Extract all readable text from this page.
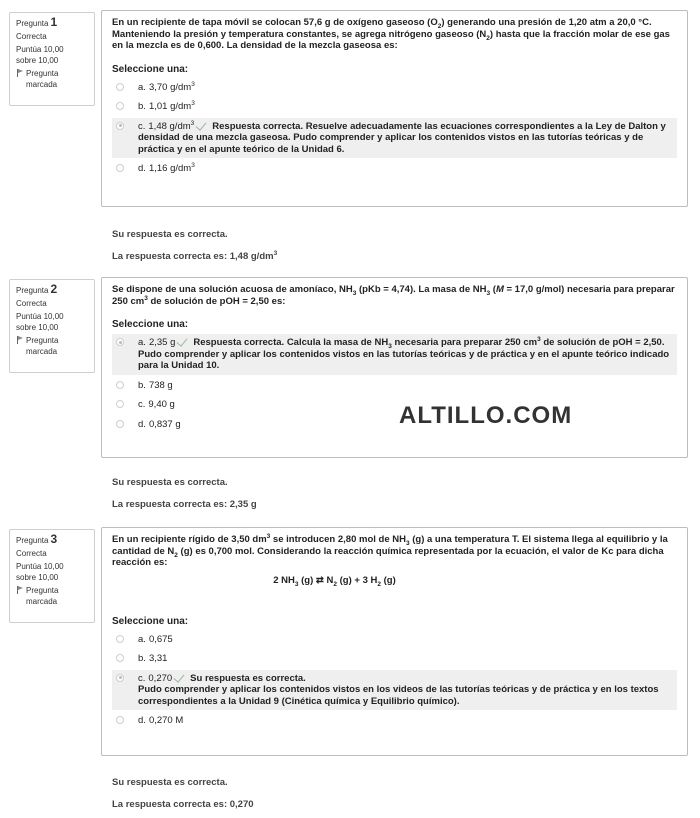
Pregunta 1
Correcta
Puntúa 10,00
sobre 10,00
Pregunta
marcada
En un recipiente de tapa móvil se colocan 57,6 g de oxígeno gaseoso $(O_2)$ generando una presión de 1,20 atm a 20,0 °C. Manteniendo la presión y temperatura constantes, se agrega nitrógeno gaseoso $(N_2)$ hasta que la fracción molar de ese gas en la mezcla es de 0,600. La densidad de la mezcla gaseosa es:
Seleccione una:
a. 3,70 $g/dm^3$
b. 1,01 $g/dm^3$
c. 1,48 $g/dm^3$ Respuesta correcta. Resuelve adecuadamente las ecuaciones correspondientes a la Ley de Dalton y densidad de una mezcla gaseosa. Pudo comprender y aplicar los contenidos vistos en las tutorías teóricas y de práctica y en el apunte teórico de la Unidad 6.
d. 1,16 $g/dm^3$
Su respuesta es correcta.
La respuesta correcta es: 1,48 $g/dm^3$
Pregunta 2
Correcta
Puntúa 10,00
sobre 10,00
Pregunta
marcada
Se dispone de una solución acuosa de amoníaco, $NH_3$ (pKb = 4,74). La masa de $NH_3$ (M = 17,0 g/mol) necesaria para preparar 250 $cm^3$ de solución de pOH = 2,50 es:
Seleccione una:
a. 2,35 g Respuesta correcta. Calcula la masa de $NH_3$ necesaria para preparar 250 $cm^3$ de solución de pOH = 2,50. Pudo comprender y aplicar los contenidos vistos en las tutorías teóricas y de práctica y en el apunte teórico indicado para la Unidad 10.
b. 738 g
c. 9,40 g
d. 0,837 g	ALTILLO.COM
Su respuesta es correcta.
La respuesta correcta es: 2,35 g
Pregunta 3
Correcta
Puntúa 10,00
sobre 10,00
Pregunta
marcada
En un recipiente rígido de 3,50 $dm^3$ se introducen 2,80 mol de $NH_3$ (g) a una temperatura T. El sistema llega al equilibrio y la cantidad de $N_2$ (g) es 0,700 mol. Considerando la reacción química representada por la ecuación, el valor de Kc para dicha reacción es:
2 $NH_3$ (g) ⇄ $N_2$ (g) + 3 $H_2$ (g)
Seleccione una:
a. 0,675
b. 3,31
c. 0,270 Su respuesta es correcta.
Pudo comprender y aplicar los contenidos vistos en los videos de las tutorías teóricas y de práctica y en los textos correspondientes a la Unidad 9 (Cinética química y Equilibrio químico).
d. 0,270 M
Su respuesta es correcta.
La respuesta correcta es: 0,270
